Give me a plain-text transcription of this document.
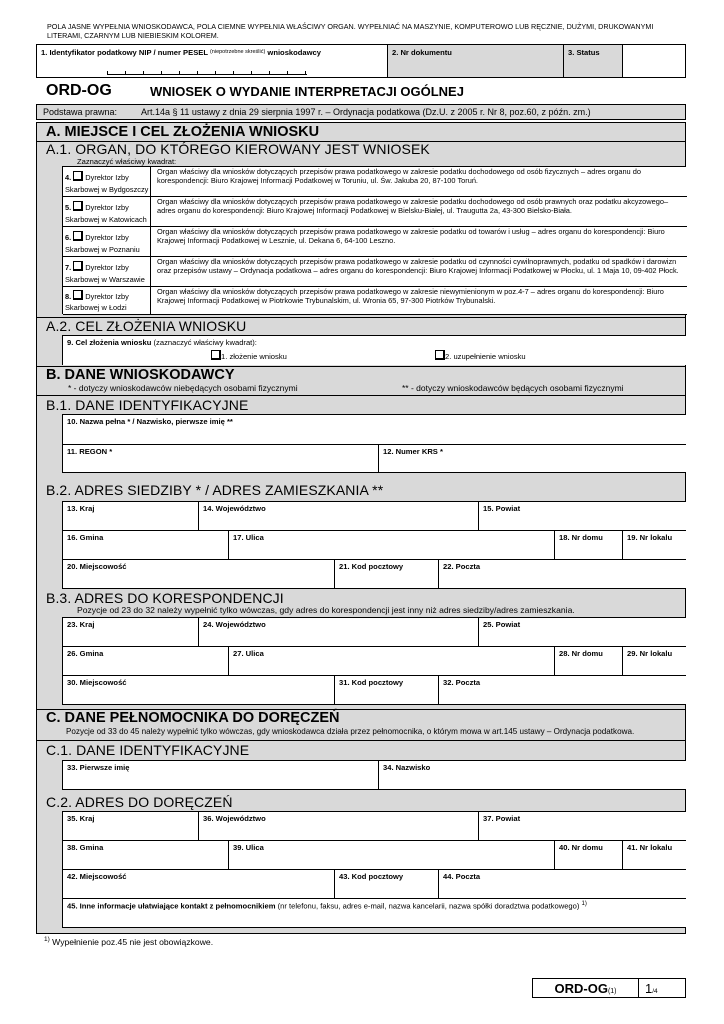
POLA JASNE WYPEŁNIA WNIOSKODAWCA, POLA CIEMNE WYPEŁNIA WŁAŚCIWY ORGAN. WYPEŁNIAĆ NA MASZYNIE, KOMPUTEROWO LUB RĘCZNIE, DUŻYMI, DRUKOWANYMI LITERAMI, CZARNYM LUB NIEBIESKIM KOLOREM.
1. Identyfikator podatkowy NIP / numer PESEL $^{(niepotrzebne skreślić)}$ wnioskodawcy	2. Nr dokumentu	3. Status
ORD-OG	WNIOSEK O WYDANIE INTERPRETACJI OGÓLNEJ
Podstawa prawna:	Art.14a § 11 ustawy z dnia 29 sierpnia 1997 r. – Ordynacja podatkowa (Dz.U. z 2005 r. Nr 8, poz.60, z późn. zm.)
A. MIEJSCE I CEL ZŁOŻENIA WNIOSKU
A.1. ORGAN, DO KTÓREGO KIEROWANY JEST WNIOSEK
Zaznaczyć właściwy kwadrat:
4. Dyrektor Izby
Skarbowej w Bydgoszczy
Organ właściwy dla wniosków dotyczących przepisów prawa podatkowego w zakresie podatku dochodowego od osób fizycznych – adres organu do korespondencji: Biuro Krajowej Informacji Podatkowej w Toruniu, ul. Św. Jakuba 20, 87-100 Toruń.
5. Dyrektor Izby
Skarbowej w Katowicach
Organ właściwy dla wniosków dotyczących przepisów prawa podatkowego w zakresie podatku dochodowego od osób prawnych oraz podatku akcyzowego– adres organu do korespondencji: Biuro Krajowej Informacji Podatkowej w Bielsku-Białej, ul. Traugutta 2a, 43-300 Bielsko-Biała.
6. Dyrektor Izby
Skarbowej w Poznaniu
Organ właściwy dla wniosków dotyczących przepisów prawa podatkowego w zakresie podatku od towarów i usług – adres organu do korespondencji: Biuro Krajowej Informacji Podatkowej w Lesznie, ul. Dekana 6, 64-100 Leszno.
7. Dyrektor Izby
Skarbowej w Warszawie
Organ właściwy dla wniosków dotyczących przepisów prawa podatkowego w zakresie podatku od czynności cywilnoprawnych, podatku od spadków i darowizn oraz przepisów ustawy – Ordynacja podatkowa – adres organu do korespondencji: Biuro Krajowej Informacji Podatkowej w Płocku, ul. 1 Maja 10, 09-402 Płock.
8. Dyrektor Izby
Skarbowej w Łodzi
Organ właściwy dla wniosków dotyczących przepisów prawa podatkowego w zakresie niewymienionym w poz.4-7 – adres organu do korespondencji: Biuro Krajowej Informacji Podatkowej w Piotrkowie Trybunalskim, ul. Wronia 65, 97-300 Piotrków Trybunalski.
A.2. CEL ZŁOŻENIA WNIOSKU
9. Cel złożenia wniosku (zaznaczyć właściwy kwadrat):
1. złożenie wniosku	2. uzupełnienie wniosku
B. DANE WNIOSKODAWCY
* - dotyczy wnioskodawców niebędących osobami fizycznymi	** - dotyczy wnioskodawców będących osobami fizycznymi
B.1. DANE IDENTYFIKACYJNE
10. Nazwa pełna * / Nazwisko, pierwsze imię **
11. REGON *	12. Numer KRS *
B.2. ADRES SIEDZIBY * / ADRES ZAMIESZKANIA **
13. Kraj	14. Województwo	15. Powiat
16. Gmina	17. Ulica	18. Nr domu	19. Nr lokalu
20. Miejscowość	21. Kod pocztowy	22. Poczta
B.3. ADRES DO KORESPONDENCJI
Pozycje od 23 do 32 należy wypełnić tylko wówczas, gdy adres do korespondencji jest inny niż adres siedziby/adres zamieszkania.
23. Kraj	24. Województwo	25. Powiat
26. Gmina	27. Ulica	28. Nr domu	29. Nr lokalu
30. Miejscowość	31. Kod pocztowy	32. Poczta
C. DANE PEŁNOMOCNIKA DO DORĘCZEŃ
Pozycje od 33 do 45 należy wypełnić tylko wówczas, gdy wnioskodawca działa przez pełnomocnika, o którym mowa w art.145 ustawy – Ordynacja podatkowa.
C.1. DANE IDENTYFIKACYJNE
33. Pierwsze imię	34. Nazwisko
C.2. ADRES DO DORĘCZEŃ
35. Kraj	36. Województwo	37. Powiat
38. Gmina	39. Ulica	40. Nr domu	41. Nr lokalu
42. Miejscowość	43. Kod pocztowy	44. Poczta
45. Inne informacje ułatwiające kontakt z pełnomocnikiem (nr telefonu, faksu, adres e-mail, nazwa kancelarii, nazwa spółki doradztwa podatkowego) $^{1)}$
$^{1)}$ Wypełnienie poz.45 nie jest obowiązkowe.
ORD-OG(1)	1/4
